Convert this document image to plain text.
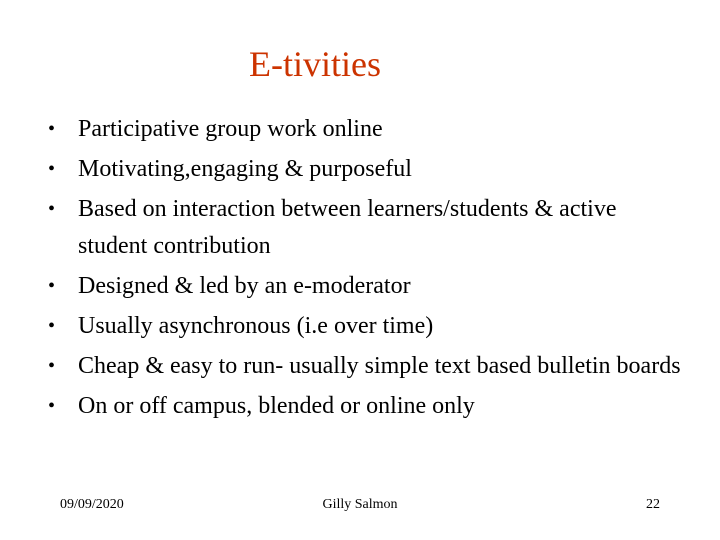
E-tivities
• Participative group work online
• Motivating,engaging & purposeful
• Based on interaction between learners/students & active student contribution
• Designed & led by an e-moderator
• Usually asynchronous (i.e over time)
• Cheap & easy to run- usually simple text based bulletin boards
• On or off campus, blended or online only
09/09/2020	Gilly Salmon	22
